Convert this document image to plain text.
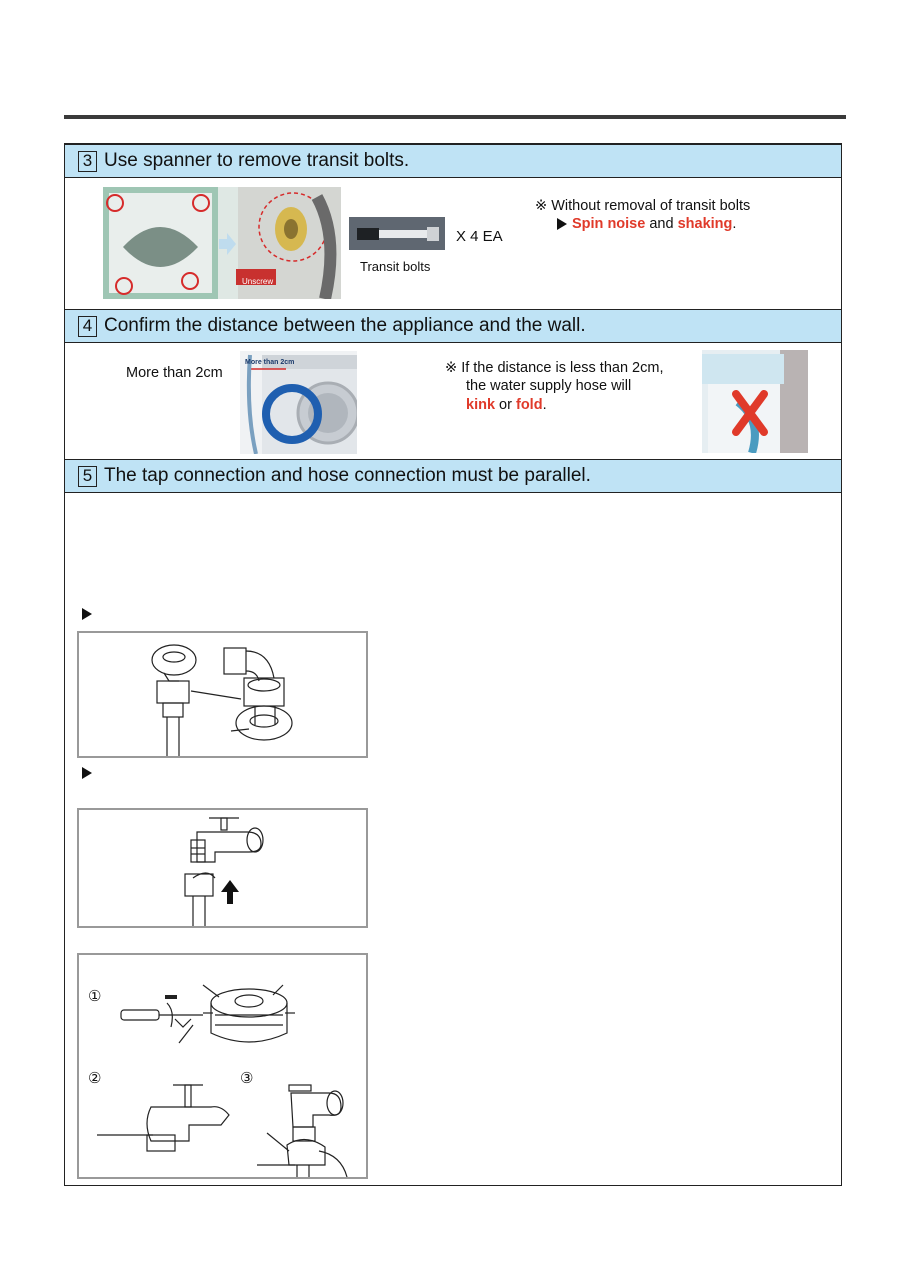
3 Use spanner to remove transit bolts.
Unscrew
X 4 EA
Transit bolts
※ Without removal of transit bolts
Spin noise and shaking.
4 Confirm the distance between the appliance and the wall.
More than 2cm
More than 2cm	※ If the distance is less than 2cm,
the water supply hose will
kink or fold.
5 The tap connection and hose connection must be parallel.
①
②	③
